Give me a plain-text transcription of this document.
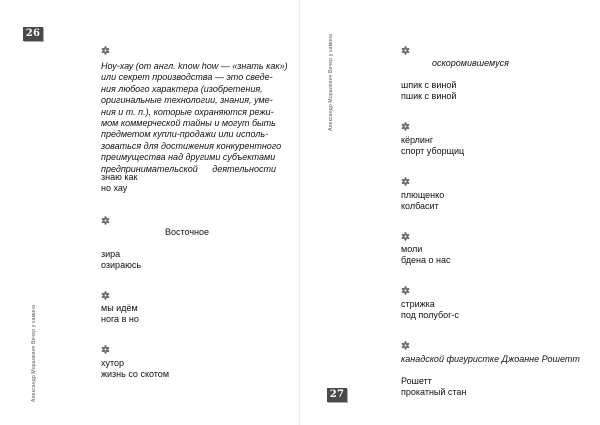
26
Александр Моралевич Вечер у камина
Ноу-хау (от англ. know how — «знать как»)
или секрет производства — это сведе-
ния любого характера (изобретения,
оригинальные технологии, знания, уме-
ния и т. п.), которые охраняются режи-
мом коммерческой тайны и могут быть
предметом купли-продажи или исполь-
зоваться для достижения конкурентного
преимущества над другими субъектами
предпринимательской деятельности
знаю как
но хау
Восточное
зира
озираюсь
мы идём
нога в но
хутор
жизнь со скотом
Александр Моралевич Вечер у камина
27
оскоромившемуся
шпик с виной
пшик с виной
кёрлинг
спорт уборщиц
плющенко
колбасит
моли
бдена о нас
стрижка
под полубог-с
канадской фигуристке Джоанне Рошетт
Рошетт
прокатный стан
